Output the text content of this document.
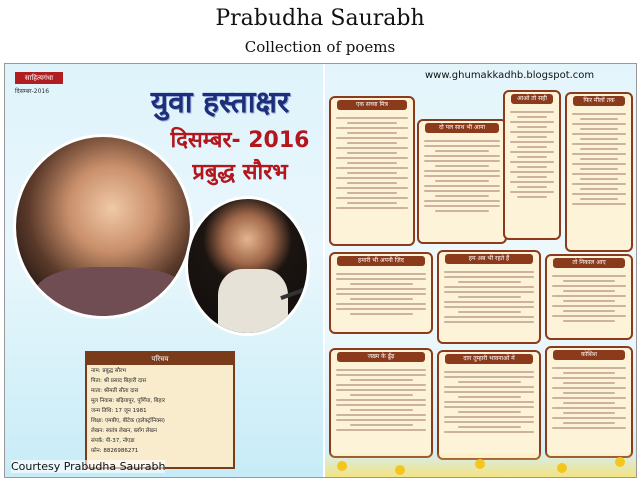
Prabudha Saurabh
Collection of poems
साहित्यगंधा
दिसम्बर-2016	युवा हस्ताक्षर
दिसम्बर- 2016
प्रबुद्ध सौरभ
परिचय
नाम: प्रबुद्ध सौरभ
पिता: श्री प्रसाद बिहारी दास
माता: श्रीमती सीता दास
मूल निवास: बढ़ियापुर, पूर्णिया, बिहार
जन्म तिथि: 17 जून 1981
शिक्षा: एमबीए, बीटेक (इलेक्ट्रॉनिक्स)
लेखन: स्वतंत्र लेखन, ब्लॉग लेखन
संपर्क: पी-37, नोएडा
फ़ोन: 8826986271
Courtesy Prabudha Saurabh
www.ghumakkadhb.blogspot.com
एक सच्चा मित्र
दो पल साथ भी आना
आओ तो सही	फिर मीलों तक
हमारी भी अपनी ज़िद	हम अब भी रहते हैं
तो निकाल आए
जख़्म के ढूँढ़	दाग़ तुम्हारी भावनाओं में
कोशिश
